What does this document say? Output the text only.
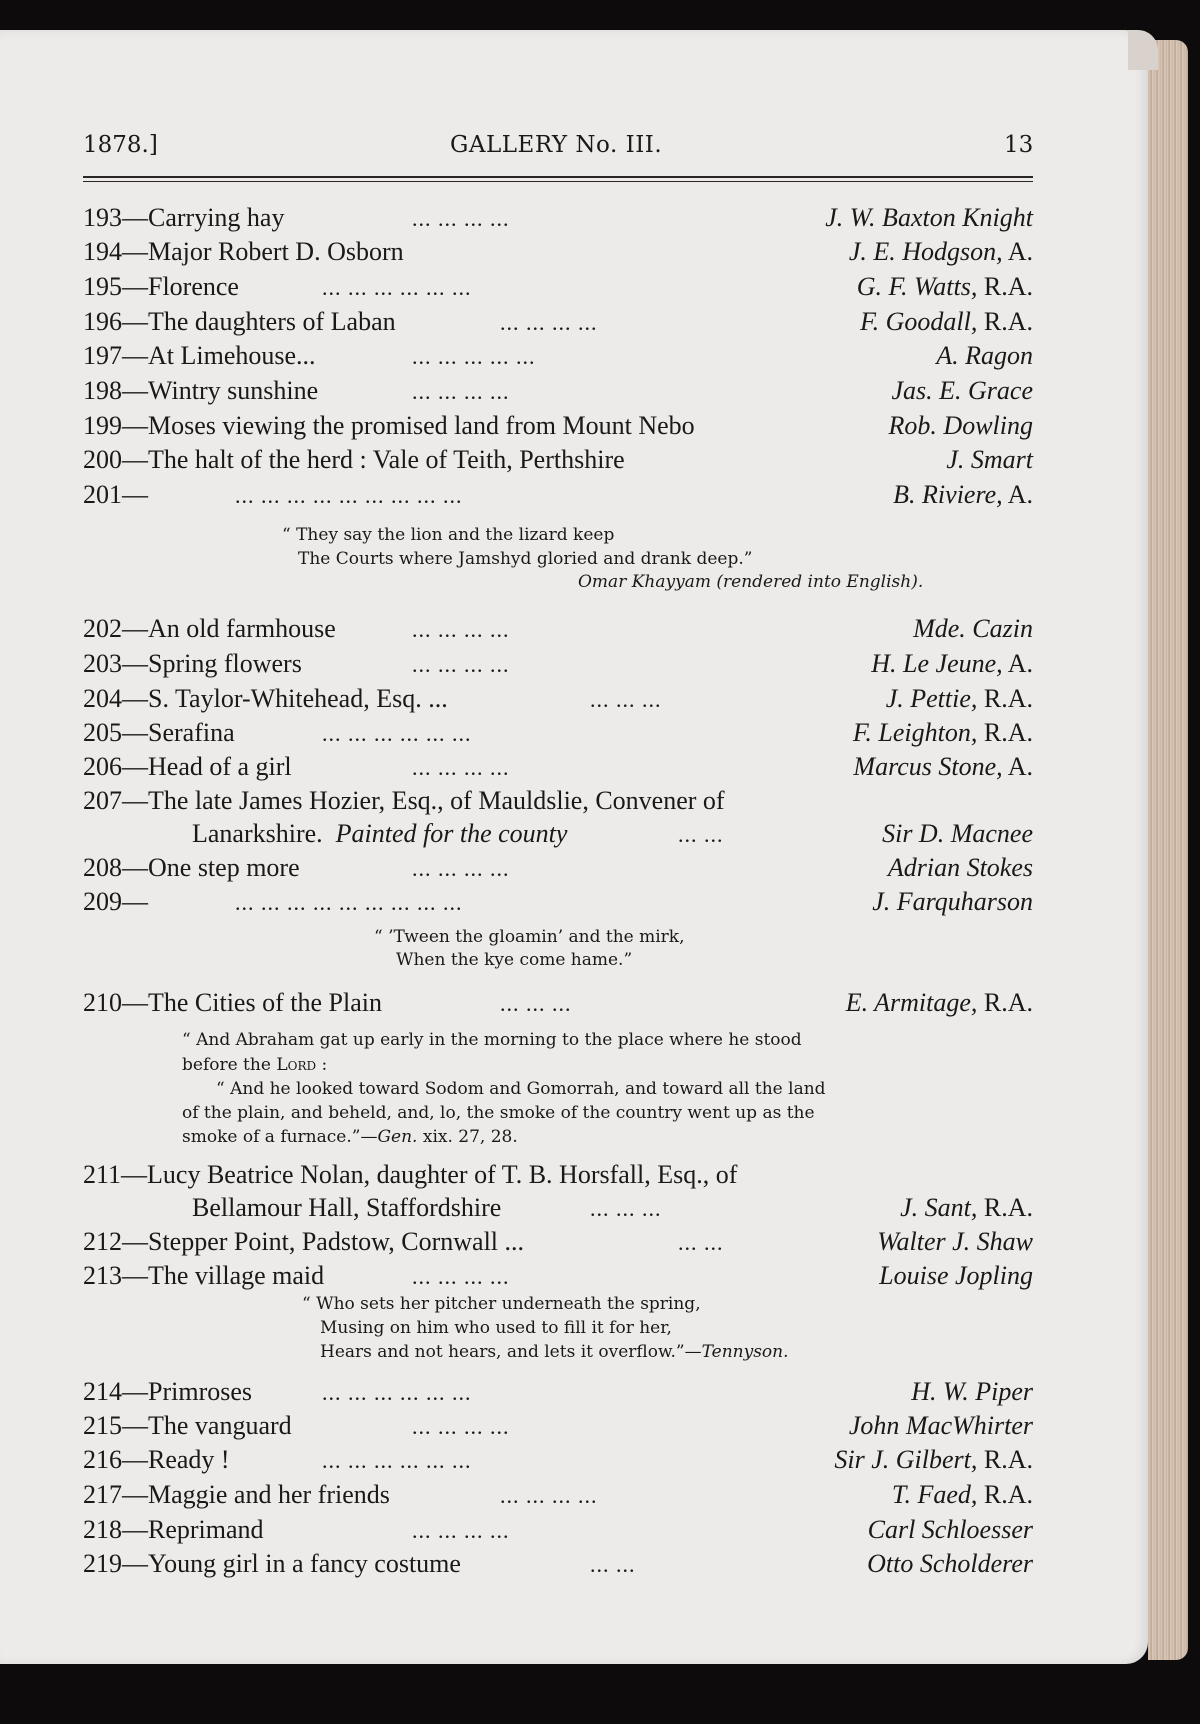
1878.]	GALLERY No. III.	13
193—Carrying hay	... ... ... ...	J. W. Baxton Knight
194—Major Robert D. Osborn	J. E. Hodgson, A.
195—Florence	... ... ... ... ... ...	G. F. Watts, R.A.
196—The daughters of Laban	... ... ... ...	F. Goodall, R.A.
197—At Limehouse...	... ... ... ... ...	A. Ragon
198—Wintry sunshine	... ... ... ...	Jas. E. Grace
199—Moses viewing the promised land from Mount Nebo	Rob. Dowling
200—The halt of the herd : Vale of Teith, Perthshire	J. Smart
201—	... ... ... ... ... ... ... ... ...	B. Riviere, A.
“ They say the lion and the lizard keep
The Courts where Jamshyd gloried and drank deep.”
Omar Khayyam (rendered into English).
202—An old farmhouse	... ... ... ...	Mde. Cazin
203—Spring flowers	... ... ... ...	H. Le Jeune, A.
204—S. Taylor-Whitehead, Esq. ...	... ... ...	J. Pettie, R.A.
205—Serafina	... ... ... ... ... ...	F. Leighton, R.A.
206—Head of a girl	... ... ... ...	Marcus Stone, A.
207—The late James Hozier, Esq., of Mauldslie, Convener of
Lanarkshire. Painted for the county	... ...	Sir D. Macnee
208—One step more	... ... ... ...	Adrian Stokes
209—	... ... ... ... ... ... ... ... ...	J. Farquharson
“ ’Tween the gloamin’ and the mirk,
When the kye come hame.”
210—The Cities of the Plain	... ... ...	E. Armitage, R.A.
“ And Abraham gat up early in the morning to the place where he stood
before the Lord :
“ And he looked toward Sodom and Gomorrah, and toward all the land
of the plain, and beheld, and, lo, the smoke of the country went up as the
smoke of a furnace.”—Gen. xix. 27, 28.
211—Lucy Beatrice Nolan, daughter of T. B. Horsfall, Esq., of
Bellamour Hall, Staffordshire	... ... ...	J. Sant, R.A.
212—Stepper Point, Padstow, Cornwall ...	... ...	Walter J. Shaw
213—The village maid	... ... ... ...	Louise Jopling
“ Who sets her pitcher underneath the spring,
Musing on him who used to fill it for her,
Hears and not hears, and lets it overflow.”—Tennyson.
214—Primroses	... ... ... ... ... ...	H. W. Piper
215—The vanguard	... ... ... ...	John MacWhirter
216—Ready !	... ... ... ... ... ...	Sir J. Gilbert, R.A.
217—Maggie and her friends	... ... ... ...	T. Faed, R.A.
218—Reprimand	... ... ... ...	Carl Schloesser
219—Young girl in a fancy costume	... ...	Otto Scholderer
